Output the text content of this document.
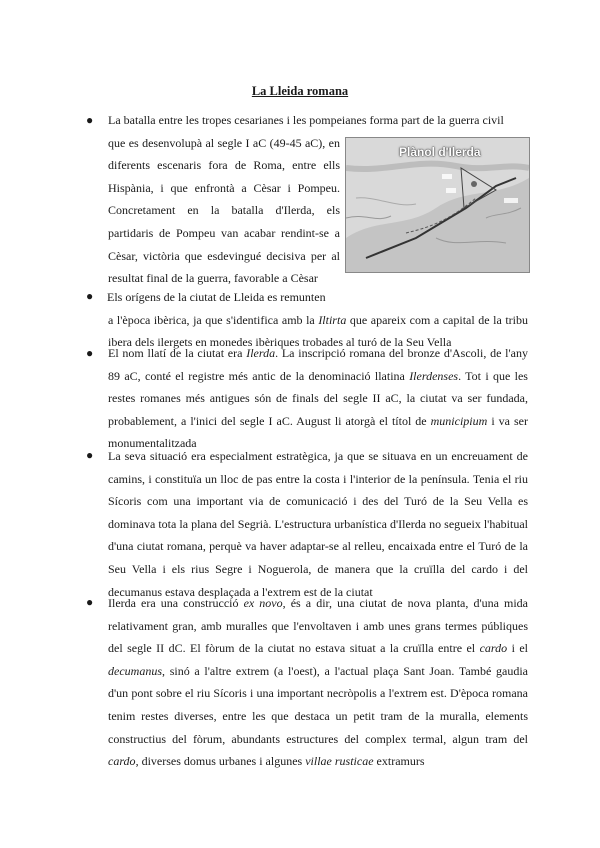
La Lleida romana
● La batalla entre les tropes cesarianes i les pompeianes forma part de la guerra civil
que es desenvolupà al segle I aC (49-45 aC), en diferents escenaris fora de Roma, entre ells Hispània, i que enfrontà a Cèsar i Pompeu. Concretament en la batalla d'Ilerda, els partidaris de Pompeu van acabar rendint-se a Cèsar, victòria que esdevingué decisiva per al resultat final de la guerra, favorable a Cèsar
Plànol d'Ilerda
● Els orígens de la ciutat de Lleida es remunten
a l'època ibèrica, ja que s'identifica amb la Iltirta que apareix com a capital de la tribu ibera dels ilergets en monedes ibèriques trobades al turó de la Seu Vella
● El nom llatí de la ciutat era Ilerda. La inscripció romana del bronze d'Ascoli, de l'any 89 aC, conté el registre més antic de la denominació llatina Ilerdenses. Tot i que les restes romanes més antigues són de finals del segle II aC, la ciutat va ser fundada, probablement, a l'inici del segle I aC. August li atorgà el títol de municipium i va ser monumentalitzada
● La seva situació era especialment estratègica, ja que se situava en un encreuament de camins, i constituïa un lloc de pas entre la costa i l'interior de la península. Tenia el riu Sícoris com una important via de comunicació i des del Turó de la Seu Vella es dominava tota la plana del Segrià. L'estructura urbanística d'Ilerda no segueix l'habitual d'una ciutat romana, perquè va haver adaptar-se al relleu, encaixada entre el Turó de la Seu Vella i els rius Segre i Noguerola, de manera que la cruïlla del cardo i del decumanus estava desplaçada a l'extrem est de la ciutat
● Ilerda era una construcció ex novo, és a dir, una ciutat de nova planta, d'una mida relativament gran, amb muralles que l'envoltaven i amb unes grans termes públiques del segle II dC. El fòrum de la ciutat no estava situat a la cruïlla entre el cardo i el decumanus, sinó a l'altre extrem (a l'oest), a l'actual plaça Sant Joan. També gaudia d'un pont sobre el riu Sícoris i una important necròpolis a l'extrem est. D'època romana tenim restes diverses, entre les que destaca un petit tram de la muralla, elements constructius del fòrum, abundants estructures del complex termal, algun tram del cardo, diverses domus urbanes i algunes villae rusticae extramurs
